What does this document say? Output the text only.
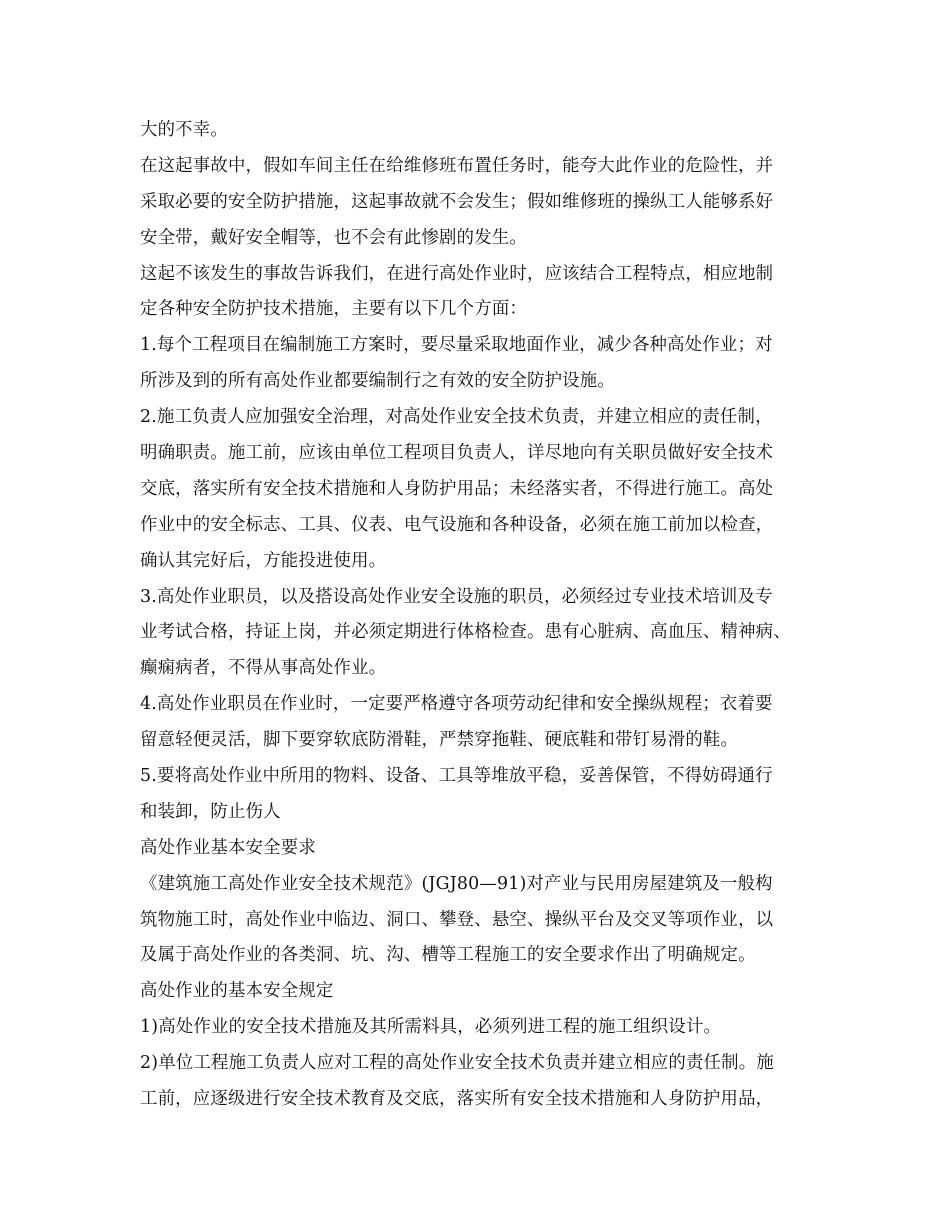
大的不幸。
在这起事故中，假如车间主任在给维修班布置任务时，能夸大此作业的危险性，并
采取必要的安全防护措施，这起事故就不会发生；假如维修班的操纵工人能够系好
安全带，戴好安全帽等，也不会有此惨剧的发生。
这起不该发生的事故告诉我们，在进行高处作业时，应该结合工程特点，相应地制
定各种安全防护技术措施，主要有以下几个方面：
1.每个工程项目在编制施工方案时，要尽量采取地面作业，减少各种高处作业；对
所涉及到的所有高处作业都要编制行之有效的安全防护设施。
2.施工负责人应加强安全治理，对高处作业安全技术负责，并建立相应的责任制，
明确职责。施工前，应该由单位工程项目负责人，详尽地向有关职员做好安全技术
交底，落实所有安全技术措施和人身防护用品；未经落实者，不得进行施工。高处
作业中的安全标志、工具、仪表、电气设施和各种设备，必须在施工前加以检查，
确认其完好后，方能投进使用。
3.高处作业职员，以及搭设高处作业安全设施的职员，必须经过专业技术培训及专
业考试合格，持证上岗，并必须定期进行体格检查。患有心脏病、高血压、精神病、
癫痫病者，不得从事高处作业。
4.高处作业职员在作业时，一定要严格遵守各项劳动纪律和安全操纵规程；衣着要
留意轻便灵活，脚下要穿软底防滑鞋，严禁穿拖鞋、硬底鞋和带钉易滑的鞋。
5.要将高处作业中所用的物料、设备、工具等堆放平稳，妥善保管，不得妨碍通行
和装卸，防止伤人
高处作业基本安全要求
《建筑施工高处作业安全技术规范》(JGJ80—91)对产业与民用房屋建筑及一般构
筑物施工时，高处作业中临边、洞口、攀登、悬空、操纵平台及交叉等项作业，以
及属于高处作业的各类洞、坑、沟、槽等工程施工的安全要求作出了明确规定。
高处作业的基本安全规定
1)高处作业的安全技术措施及其所需料具，必须列进工程的施工组织设计。
2)单位工程施工负责人应对工程的高处作业安全技术负责并建立相应的责任制。施
工前，应逐级进行安全技术教育及交底，落实所有安全技术措施和人身防护用品，
